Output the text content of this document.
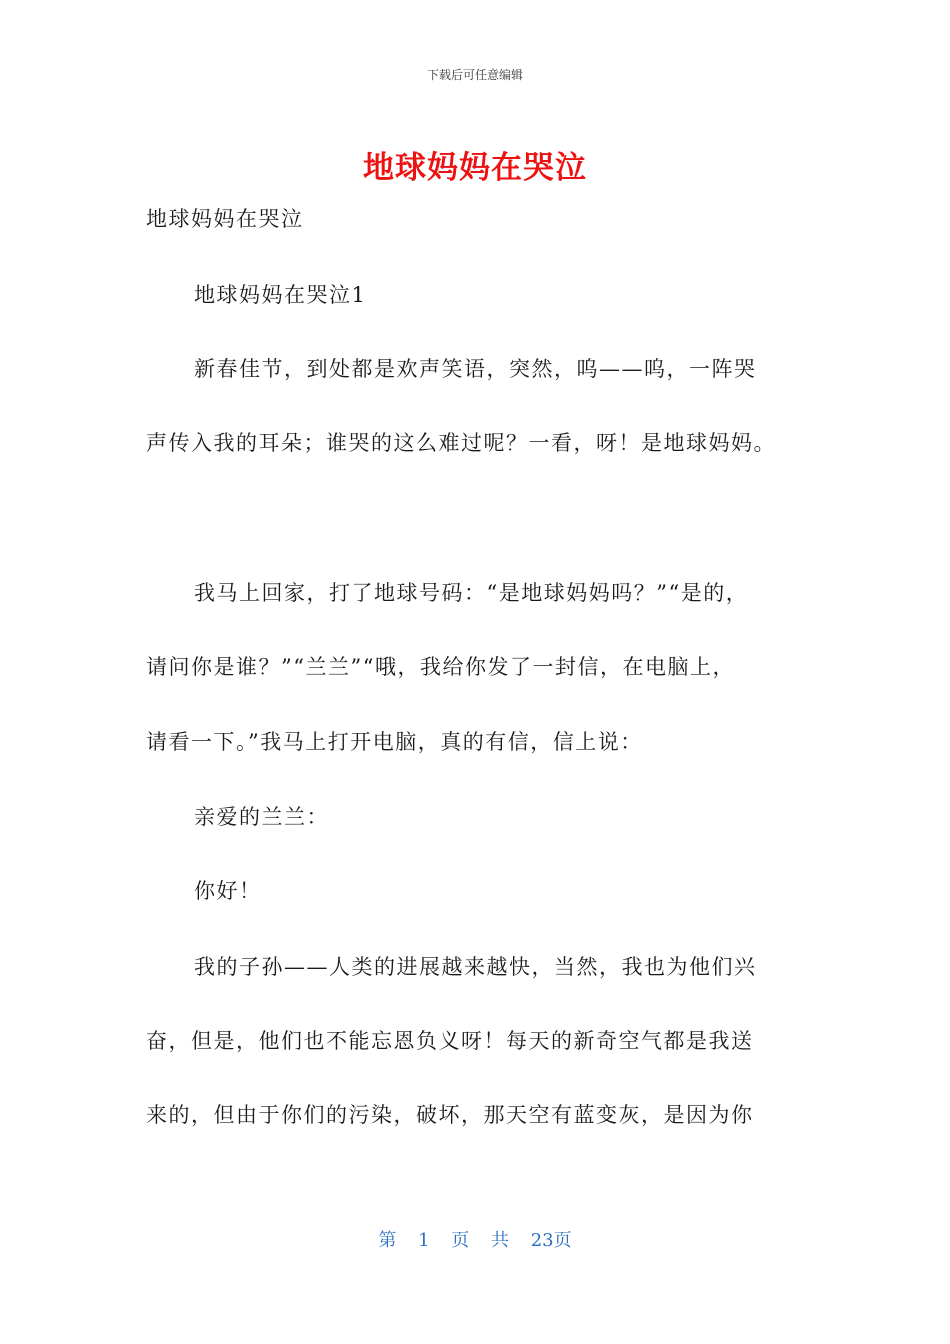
下载后可任意编辑
地球妈妈在哭泣
地球妈妈在哭泣
地球妈妈在哭泣1
新春佳节，到处都是欢声笑语，突然，呜——呜，一阵哭
声传入我的耳朵；谁哭的这么难过呢？一看，呀！是地球妈妈。
我马上回家，打了地球号码：“是地球妈妈吗？”“是的，
请问你是谁？”“兰兰”“哦，我给你发了一封信，在电脑上，
请看一下。”我马上打开电脑，真的有信，信上说：
亲爱的兰兰：
你好！
我的子孙——人类的进展越来越快，当然，我也为他们兴
奋，但是，他们也不能忘恩负义呀！每天的新奇空气都是我送
来的，但由于你们的污染，破坏，那天空有蓝变灰，是因为你
第 1 页 共 23页
